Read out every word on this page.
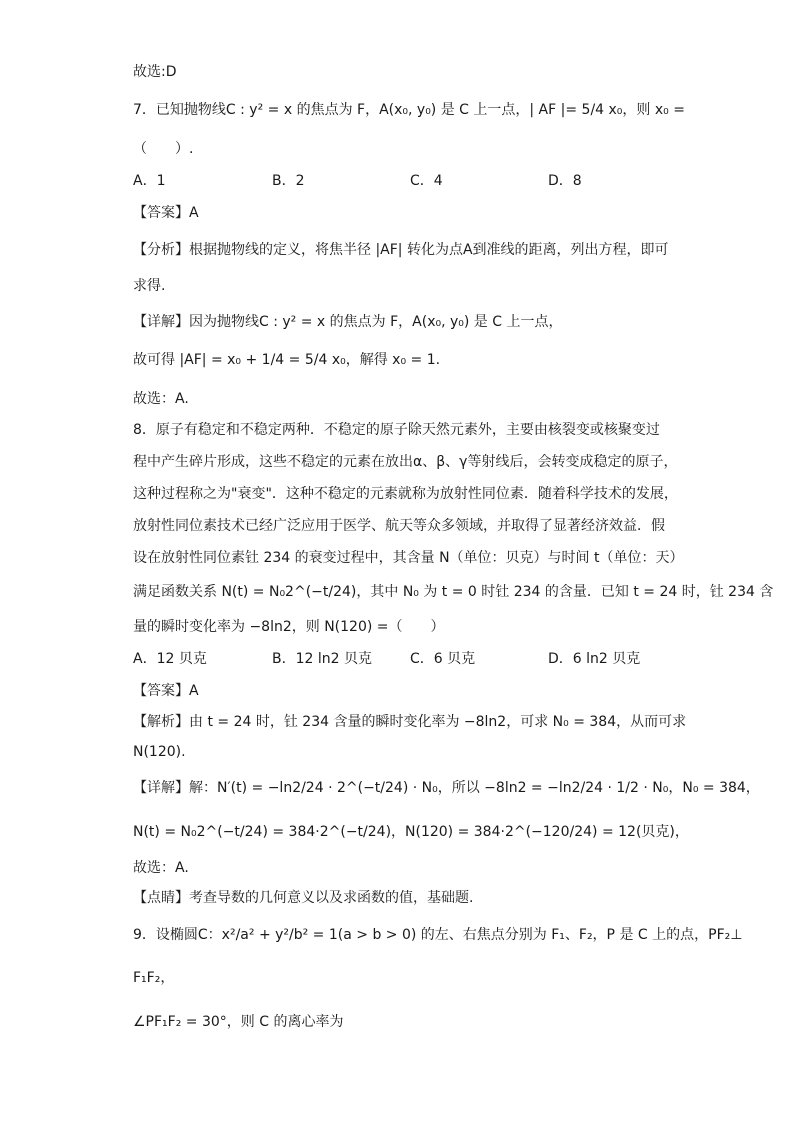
故选:D
7．已知抛物线C : y² = x 的焦点为 F，A(x₀, y₀) 是 C 上一点，| AF |= 5/4 x₀，则 x₀ =
（　　）.
【答案】A
【分析】根据抛物线的定义，将焦半径 |AF| 转化为点A到准线的距离，列出方程，即可
求得.
【详解】因为抛物线C : y² = x 的焦点为 F，A(x₀, y₀) 是 C 上一点，
故可得 |AF| = x₀ + 1/4 = 5/4 x₀，解得 x₀ = 1.
故选：A.
8．原子有稳定和不稳定两种．不稳定的原子除天然元素外，主要由核裂变或核聚变过
程中产生碎片形成，这些不稳定的元素在放出α、β、γ等射线后，会转变成稳定的原子，
这种过程称之为"衰变"．这种不稳定的元素就称为放射性同位素．随着科学技术的发展，
放射性同位素技术已经广泛应用于医学、航天等众多领域，并取得了显著经济效益．假
设在放射性同位素钍 234 的衰变过程中，其含量 N（单位：贝克）与时间 t（单位：天）
满足函数关系 N(t) = N₀2^(−t/24)，其中 N₀ 为 t = 0 时钍 234 的含量．已知 t = 24 时，钍 234 含
量的瞬时变化率为 −8ln2，则 N(120) =（　　）
【答案】A
【解析】由 t = 24 时，钍 234 含量的瞬时变化率为 −8ln2，可求 N₀ = 384，从而可求
N(120).
【详解】解：N′(t) = −ln2/24 · 2^(−t/24) · N₀，所以 −8ln2 = −ln2/24 · 1/2 · N₀，N₀ = 384，
N(t) = N₀2^(−t/24) = 384·2^(−t/24)，N(120) = 384·2^(−120/24) = 12(贝克)，
故选：A.
【点睛】考查导数的几何意义以及求函数的值，基础题.
9．设椭圆C：x²/a² + y²/b² = 1(a > b > 0) 的左、右焦点分别为 F₁、F₂，P 是 C 上的点，PF₂⊥
F₁F₂，
∠PF₁F₂ = 30°，则 C 的离心率为
A．1	B．2	C．4	D．8
A．12 贝克	B．12 ln2 贝克	C．6 贝克	D．6 ln2 贝克
